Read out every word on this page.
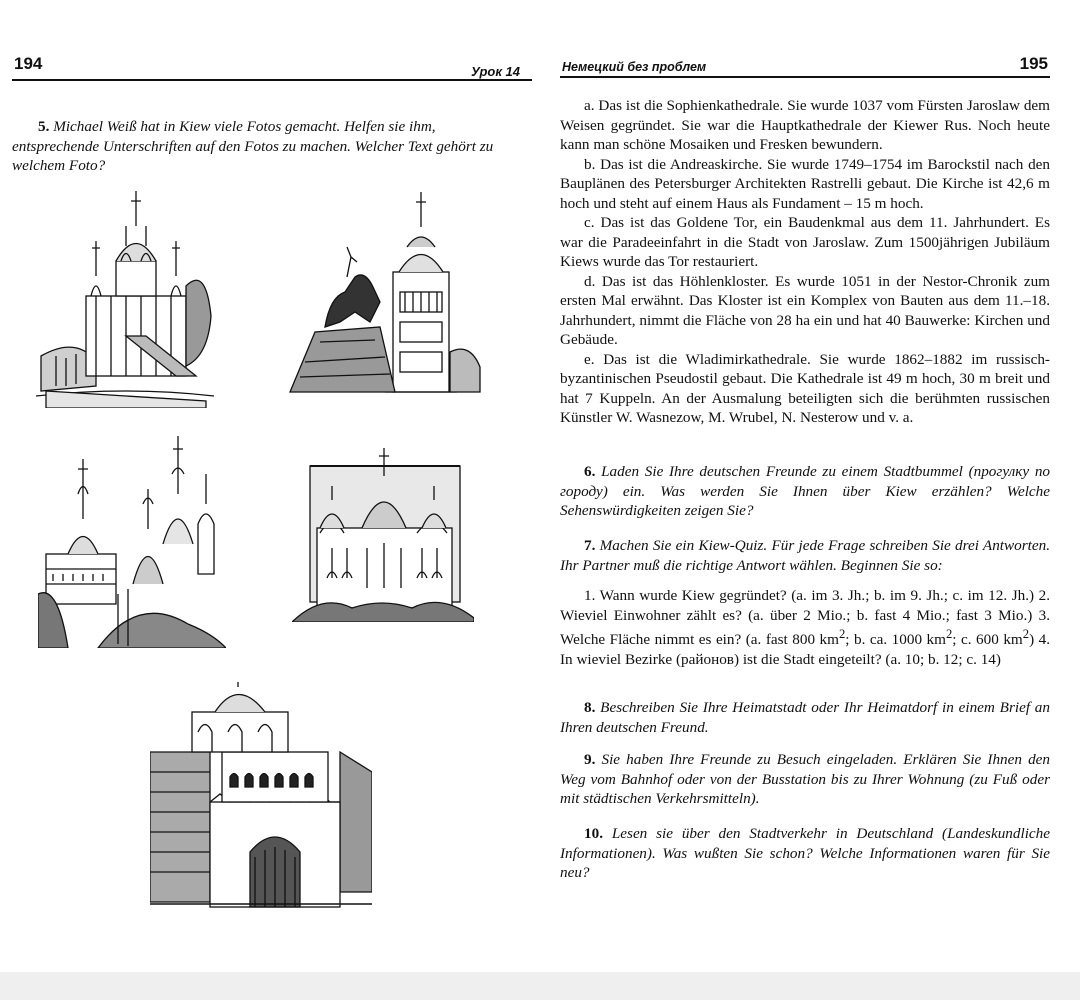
194	Урок 14

5. Michael Weiß hat in Kiew viele Fotos gemacht. Helfen sie ihm, entsprechende Unterschriften auf den Fotos zu machen. Welcher Text gehört zu welchem Foto?

Немецкий без проблем	195

a. Das ist die Sophienkathedrale. Sie wurde 1037 vom Fürsten Jaroslaw dem Weisen gegründet. Sie war die Hauptkathedrale der Kiewer Rus. Noch heute kann man schöne Mosaiken und Fresken bewundern.

b. Das ist die Andreaskirche. Sie wurde 1749–1754 im Barockstil nach den Bauplänen des Petersburger Architekten Rastrelli gebaut. Die Kirche ist 42,6 m hoch und steht auf einem Haus als Fundament – 15 m hoch.

c. Das ist das Goldene Tor, ein Baudenkmal aus dem 11. Jahrhundert. Es war die Paradeeinfahrt in die Stadt von Jaroslaw. Zum 1500jährigen Jubiläum Kiews wurde das Tor restauriert.

d. Das ist das Höhlenkloster. Es wurde 1051 in der Nestor-Chronik zum ersten Mal erwähnt. Das Kloster ist ein Komplex von Bauten aus dem 11.–18. Jahrhundert, nimmt die Fläche von 28 ha ein und hat 40 Bauwerke: Kirchen und Gebäude.

e. Das ist die Wladimirkathedrale. Sie wurde 1862–1882 im russisch-byzantinischen Pseudostil gebaut. Die Kathedrale ist 49 m hoch, 30 m breit und hat 7 Kuppeln. An der Ausmalung beteiligten sich die berühmten russischen Künstler W. Wasnezow, M. Wrubel, N. Nesterow und v. a.

6. Laden Sie Ihre deutschen Freunde zu einem Stadtbummel (прогулку по городу) ein. Was werden Sie Ihnen über Kiew erzählen? Welche Sehenswürdigkeiten zeigen Sie?

7. Machen Sie ein Kiew-Quiz. Für jede Frage schreiben Sie drei Antworten. Ihr Partner muß die richtige Antwort wählen. Beginnen Sie so:

1. Wann wurde Kiew gegründet? (a. im 3. Jh.; b. im 9. Jh.; c. im 12. Jh.) 2. Wieviel Einwohner zählt es? (a. über 2 Mio.; b. fast 4 Mio.; fast 3 Mio.) 3. Welche Fläche nimmt es ein? (a. fast 800 $km^2$; b. ca. 1000 $km^2$; c. 600 $km^2$) 4. In wieviel Bezirke (районов) ist die Stadt eingeteilt? (a. 10; b. 12; c. 14)

8. Beschreiben Sie Ihre Heimatstadt oder Ihr Heimatdorf in einem Brief an Ihren deutschen Freund.

9. Sie haben Ihre Freunde zu Besuch eingeladen. Erklären Sie Ihnen den Weg vom Bahnhof oder von der Busstation bis zu Ihrer Wohnung (zu Fuß oder mit städtischen Verkehrsmitteln).

10. Lesen sie über den Stadtverkehr in Deutschland (Landeskundliche Informationen). Was wußten Sie schon? Welche Informationen waren für Sie neu?
